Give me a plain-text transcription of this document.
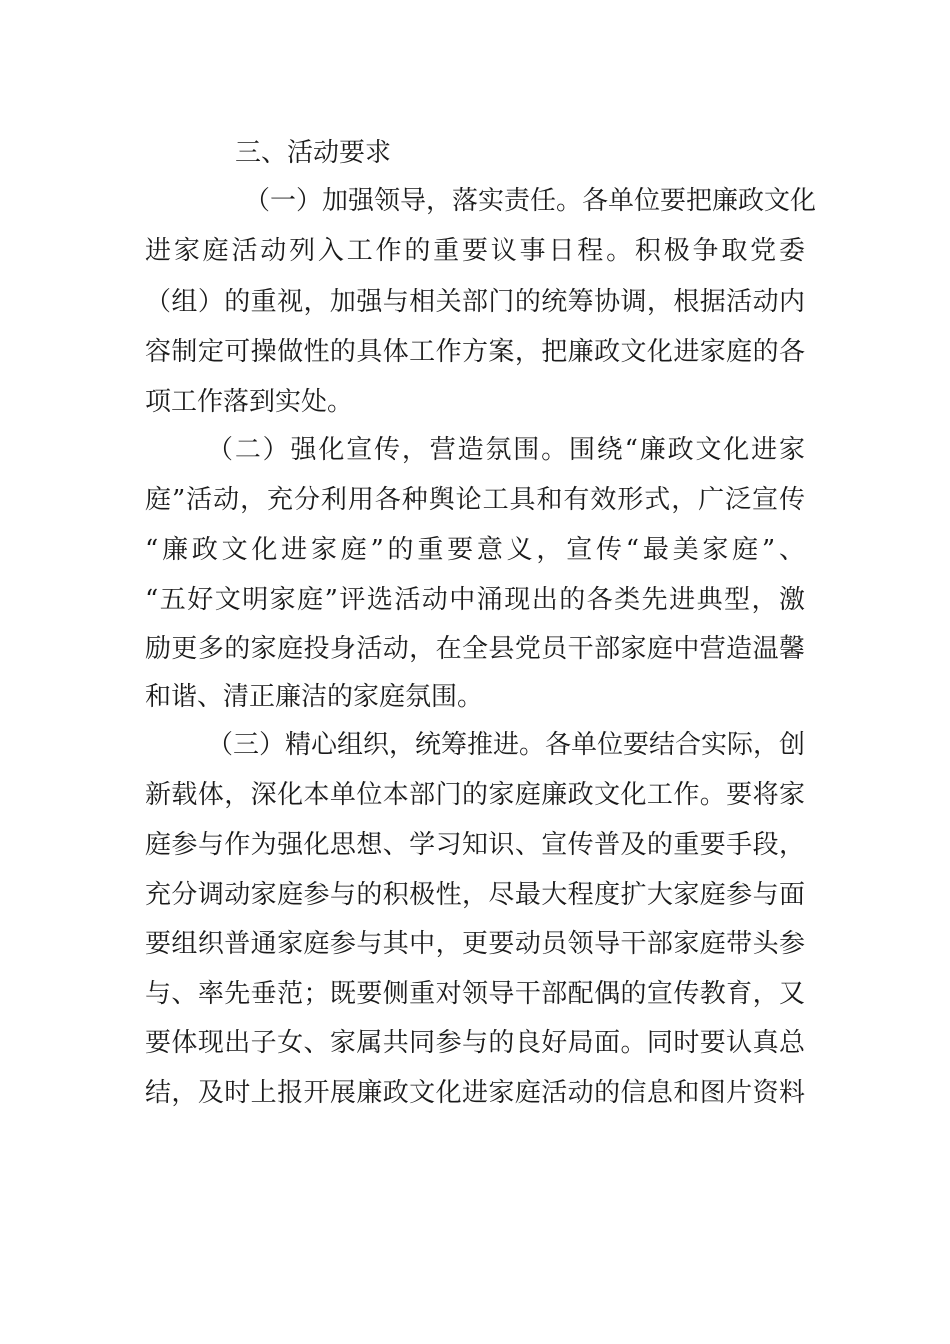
三、活动要求
（一）加强领导，落实责任。各单位要把廉政文化
进家庭活动列入工作的重要议事日程。积极争取党委
（组）的重视，加强与相关部门的统筹协调，根据活动内
容制定可操做性的具体工作方案，把廉政文化进家庭的各
项工作落到实处。
（二）强化宣传，营造氛围。围绕“廉政文化进家
庭”活动，充分利用各种舆论工具和有效形式，广泛宣传
“廉政文化进家庭”的重要意义，宣传“最美家庭”、
“五好文明家庭”评选活动中涌现出的各类先进典型，激
励更多的家庭投身活动，在全县党员干部家庭中营造温馨
和谐、清正廉洁的家庭氛围。
（三）精心组织，统筹推进。各单位要结合实际，创
新载体，深化本单位本部门的家庭廉政文化工作。要将家
庭参与作为强化思想、学习知识、宣传普及的重要手段，
充分调动家庭参与的积极性，尽最大程度扩大家庭参与面
要组织普通家庭参与其中，更要动员领导干部家庭带头参
与、率先垂范；既要侧重对领导干部配偶的宣传教育，又
要体现出子女、家属共同参与的良好局面。同时要认真总
结，及时上报开展廉政文化进家庭活动的信息和图片资料
